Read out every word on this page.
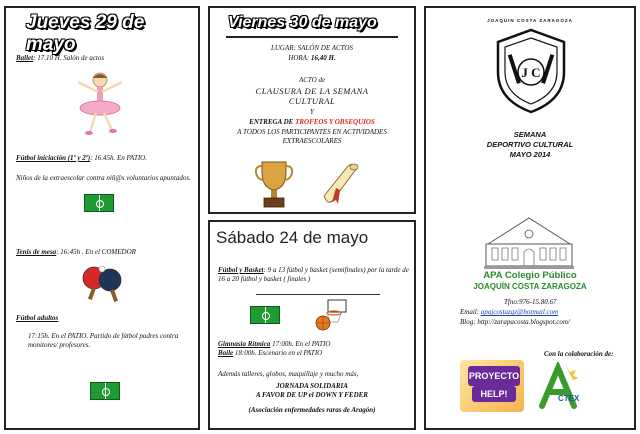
Jueves 29 de mayo
Ballet: 17.10 H. Salón de actos
Fútbol iniciación (1º y 2º): 16.45h. En PATIO.
Niños de la extraescolar contra niñ@s voluntarios apuntados.
Tenis de mesa: 16:45h . En el COMEDOR
Fútbol adultos
17:15h. En el PATIO. Partido de fútbol padres contra monitores/ profesores.
Viernes 30 de mayo
LUGAR: SALÓN DE ACTOS
HORA: 16,40 H.
ACTO de
CLAUSURA DE LA SEMANA CULTURAL
Y
ENTREGA DE TROFEOS Y OBSEQUIOS
A TODOS LOS PARTICIPANTES EN ACTIVIDADES EXTRAESCOLARES
Sábado 24 de mayo
Fútbol y Basket: 9 a 13 fútbol y basket (semifinales) por la tarde de 16 a 20 fútbol y basket ( finales )
Gimnasia Rítmica 17:00h. En el PATIO
Baile 18:00h. Escenario en el PATIO
Además talleres, globos, maquillaje y mucho más,
JORNADA SOLIDARIA
A FAVOR DE UP el DOWN Y FEDER
(Asociación enfermedades raras de Aragón)
J C
JOAQUÍN COSTA ZARAGOZA
SEMANA
DEPORTIVO CULTURAL
MAYO 2014
APA Colegio Público
JOAQUÍN COSTA ZARAGOZA
Tfno:976-15.80.67
Email: apajcostazgz@hotmail.com
Blog: http://zarapacosta.blogspot.com/
Con la colaboración de:
PROYECTO
HELP!	CTEX
